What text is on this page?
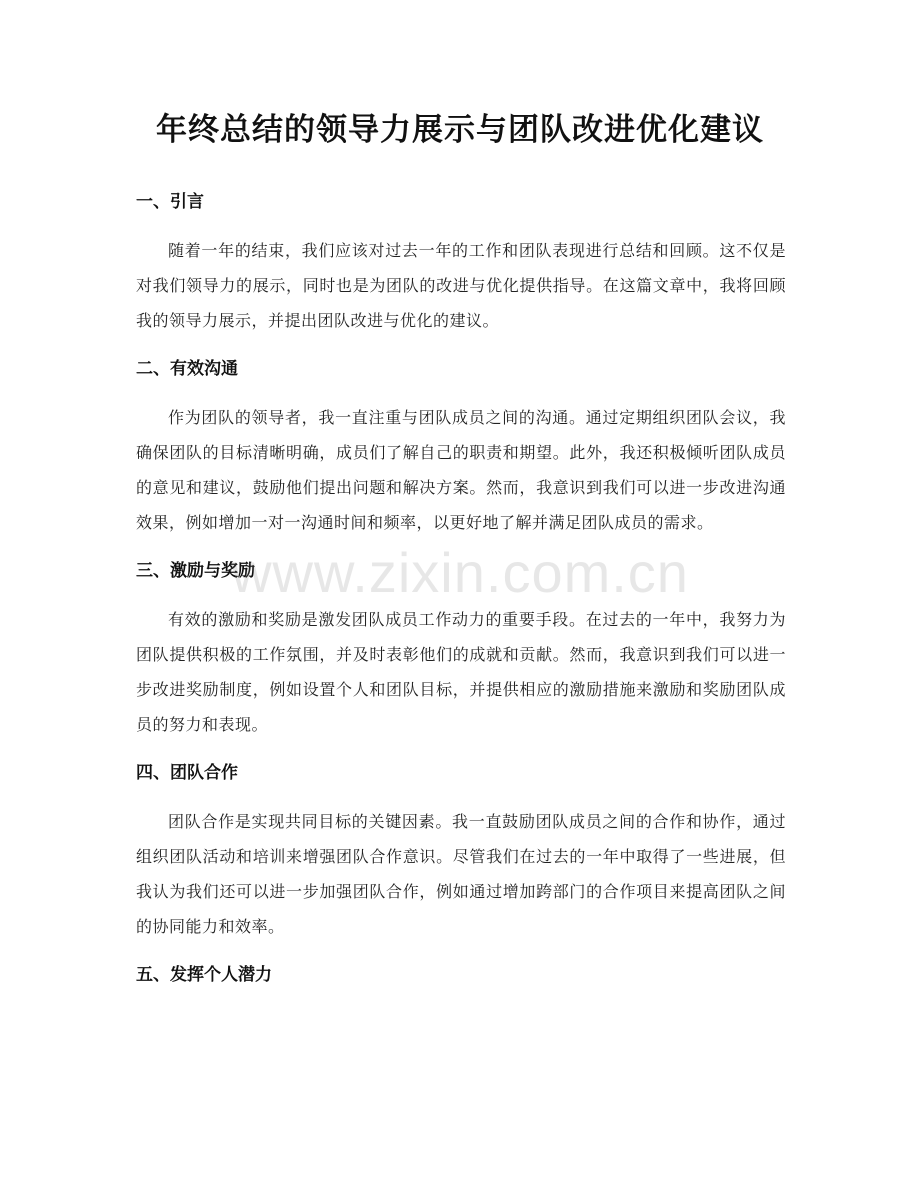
年终总结的领导力展示与团队改进优化建议
一、引言

随着一年的结束，我们应该对过去一年的工作和团队表现进行总结和回顾。这不仅是对我们领导力的展示，同时也是为团队的改进与优化提供指导。在这篇文章中，我将回顾我的领导力展示，并提出团队改进与优化的建议。

二、有效沟通

作为团队的领导者，我一直注重与团队成员之间的沟通。通过定期组织团队会议，我确保团队的目标清晰明确，成员们了解自己的职责和期望。此外，我还积极倾听团队成员的意见和建议，鼓励他们提出问题和解决方案。然而，我意识到我们可以进一步改进沟通效果，例如增加一对一沟通时间和频率，以更好地了解并满足团队成员的需求。

三、激励与奖励

有效的激励和奖励是激发团队成员工作动力的重要手段。在过去的一年中，我努力为团队提供积极的工作氛围，并及时表彰他们的成就和贡献。然而，我意识到我们可以进一步改进奖励制度，例如设置个人和团队目标，并提供相应的激励措施来激励和奖励团队成员的努力和表现。

四、团队合作

团队合作是实现共同目标的关键因素。我一直鼓励团队成员之间的合作和协作，通过组织团队活动和培训来增强团队合作意识。尽管我们在过去的一年中取得了一些进展，但我认为我们还可以进一步加强团队合作，例如通过增加跨部门的合作项目来提高团队之间的协同能力和效率。

五、发挥个人潜力
www.zixin.com.cn
